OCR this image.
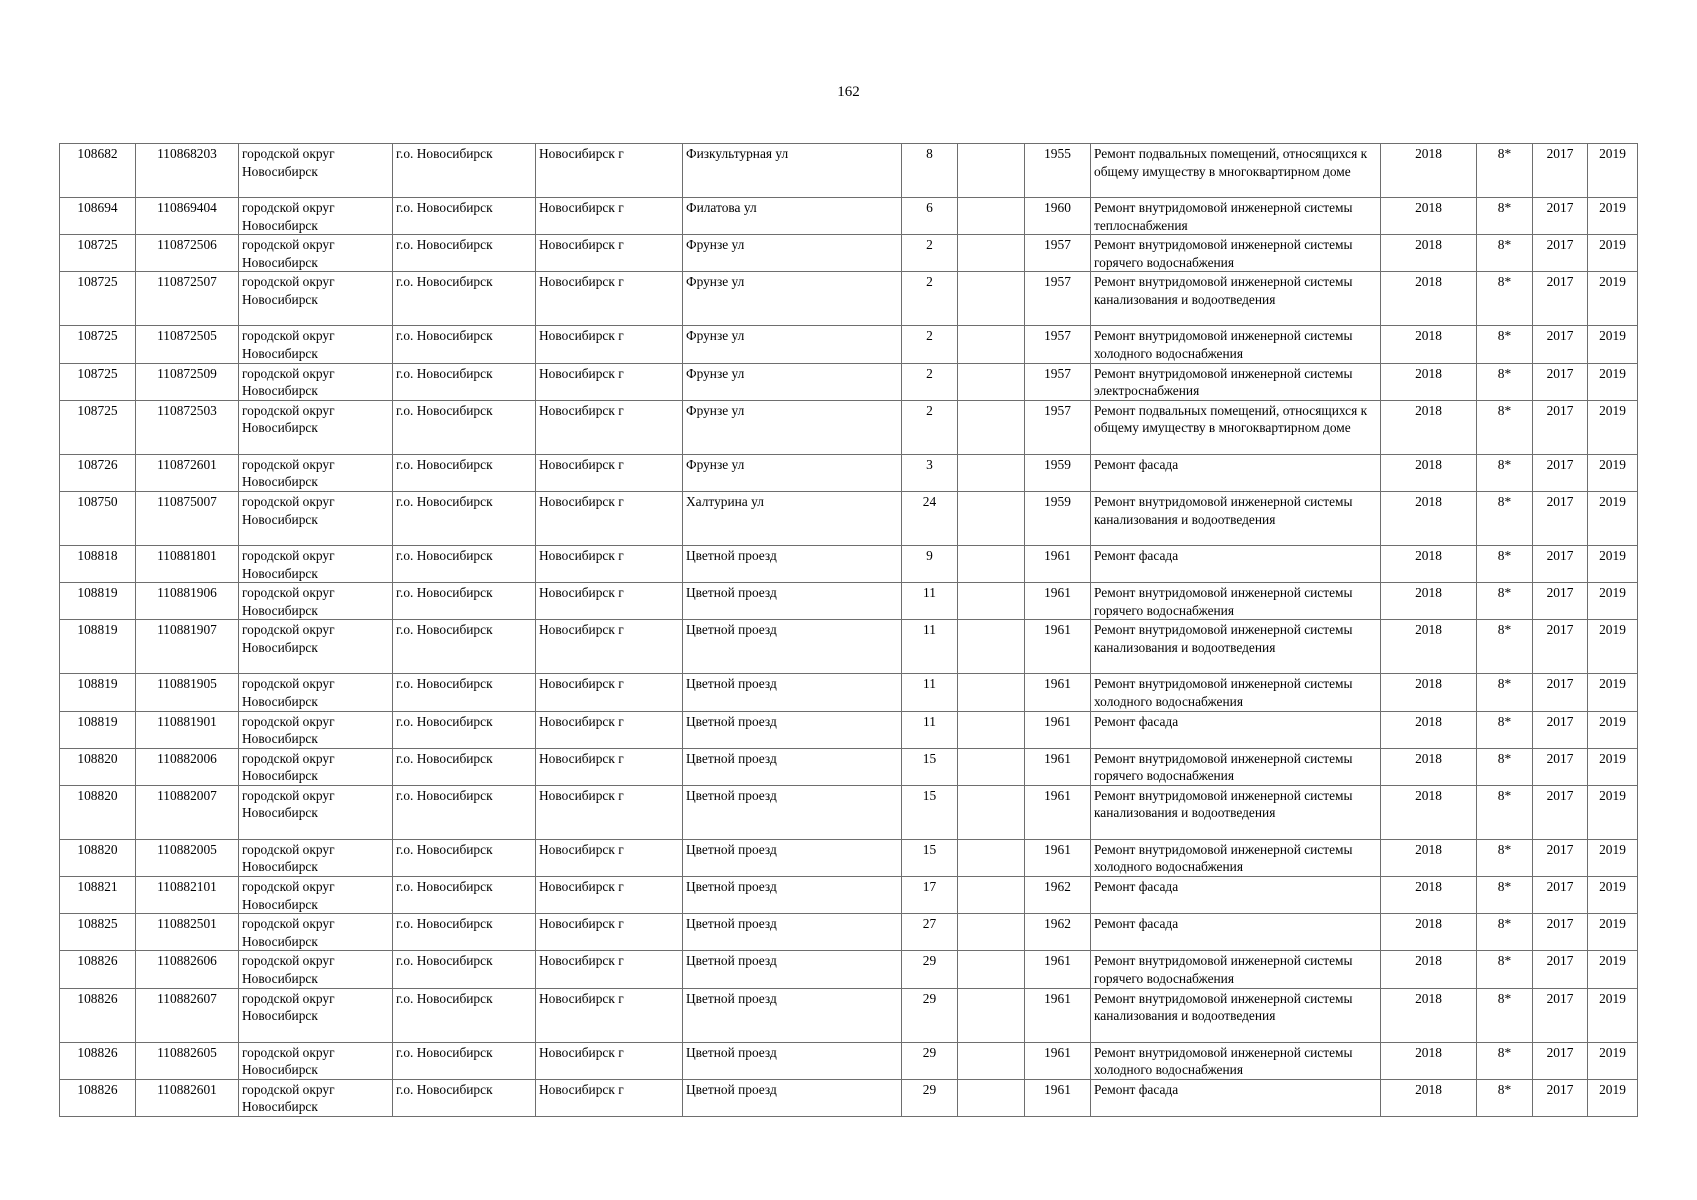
162
108682	110868203	городской округ Новосибирск	г.о. Новосибирск	Новосибирск г	Физкультурная ул	8		1955	Ремонт подвальных помещений, относящихся к общему имуществу в многоквартирном доме	2018	8*	2017	2019
108694	110869404	городской округ Новосибирск	г.о. Новосибирск	Новосибирск г	Филатова ул	6		1960	Ремонт внутридомовой инженерной системы теплоснабжения	2018	8*	2017	2019
108725	110872506	городской округ Новосибирск	г.о. Новосибирск	Новосибирск г	Фрунзе ул	2		1957	Ремонт внутридомовой инженерной системы горячего водоснабжения	2018	8*	2017	2019
108725	110872507	городской округ Новосибирск	г.о. Новосибирск	Новосибирск г	Фрунзе ул	2		1957	Ремонт внутридомовой инженерной системы канализования и водоотведения	2018	8*	2017	2019
108725	110872505	городской округ Новосибирск	г.о. Новосибирск	Новосибирск г	Фрунзе ул	2		1957	Ремонт внутридомовой инженерной системы холодного водоснабжения	2018	8*	2017	2019
108725	110872509	городской округ Новосибирск	г.о. Новосибирск	Новосибирск г	Фрунзе ул	2		1957	Ремонт внутридомовой инженерной системы электроснабжения	2018	8*	2017	2019
108725	110872503	городской округ Новосибирск	г.о. Новосибирск	Новосибирск г	Фрунзе ул	2		1957	Ремонт подвальных помещений, относящихся к общему имуществу в многоквартирном доме	2018	8*	2017	2019
108726	110872601	городской округ Новосибирск	г.о. Новосибирск	Новосибирск г	Фрунзе ул	3		1959	Ремонт фасада	2018	8*	2017	2019
108750	110875007	городской округ Новосибирск	г.о. Новосибирск	Новосибирск г	Халтурина ул	24		1959	Ремонт внутридомовой инженерной системы канализования и водоотведения	2018	8*	2017	2019
108818	110881801	городской округ Новосибирск	г.о. Новосибирск	Новосибирск г	Цветной проезд	9		1961	Ремонт фасада	2018	8*	2017	2019
108819	110881906	городской округ Новосибирск	г.о. Новосибирск	Новосибирск г	Цветной проезд	11		1961	Ремонт внутридомовой инженерной системы горячего водоснабжения	2018	8*	2017	2019
108819	110881907	городской округ Новосибирск	г.о. Новосибирск	Новосибирск г	Цветной проезд	11		1961	Ремонт внутридомовой инженерной системы канализования и водоотведения	2018	8*	2017	2019
108819	110881905	городской округ Новосибирск	г.о. Новосибирск	Новосибирск г	Цветной проезд	11		1961	Ремонт внутридомовой инженерной системы холодного водоснабжения	2018	8*	2017	2019
108819	110881901	городской округ Новосибирск	г.о. Новосибирск	Новосибирск г	Цветной проезд	11		1961	Ремонт фасада	2018	8*	2017	2019
108820	110882006	городской округ Новосибирск	г.о. Новосибирск	Новосибирск г	Цветной проезд	15		1961	Ремонт внутридомовой инженерной системы горячего водоснабжения	2018	8*	2017	2019
108820	110882007	городской округ Новосибирск	г.о. Новосибирск	Новосибирск г	Цветной проезд	15		1961	Ремонт внутридомовой инженерной системы канализования и водоотведения	2018	8*	2017	2019
108820	110882005	городской округ Новосибирск	г.о. Новосибирск	Новосибирск г	Цветной проезд	15		1961	Ремонт внутридомовой инженерной системы холодного водоснабжения	2018	8*	2017	2019
108821	110882101	городской округ Новосибирск	г.о. Новосибирск	Новосибирск г	Цветной проезд	17		1962	Ремонт фасада	2018	8*	2017	2019
108825	110882501	городской округ Новосибирск	г.о. Новосибирск	Новосибирск г	Цветной проезд	27		1962	Ремонт фасада	2018	8*	2017	2019
108826	110882606	городской округ Новосибирск	г.о. Новосибирск	Новосибирск г	Цветной проезд	29		1961	Ремонт внутридомовой инженерной системы горячего водоснабжения	2018	8*	2017	2019
108826	110882607	городской округ Новосибирск	г.о. Новосибирск	Новосибирск г	Цветной проезд	29		1961	Ремонт внутридомовой инженерной системы канализования и водоотведения	2018	8*	2017	2019
108826	110882605	городской округ Новосибирск	г.о. Новосибирск	Новосибирск г	Цветной проезд	29		1961	Ремонт внутридомовой инженерной системы холодного водоснабжения	2018	8*	2017	2019
108826	110882601	городской округ Новосибирск	г.о. Новосибирск	Новосибирск г	Цветной проезд	29		1961	Ремонт фасада	2018	8*	2017	2019
